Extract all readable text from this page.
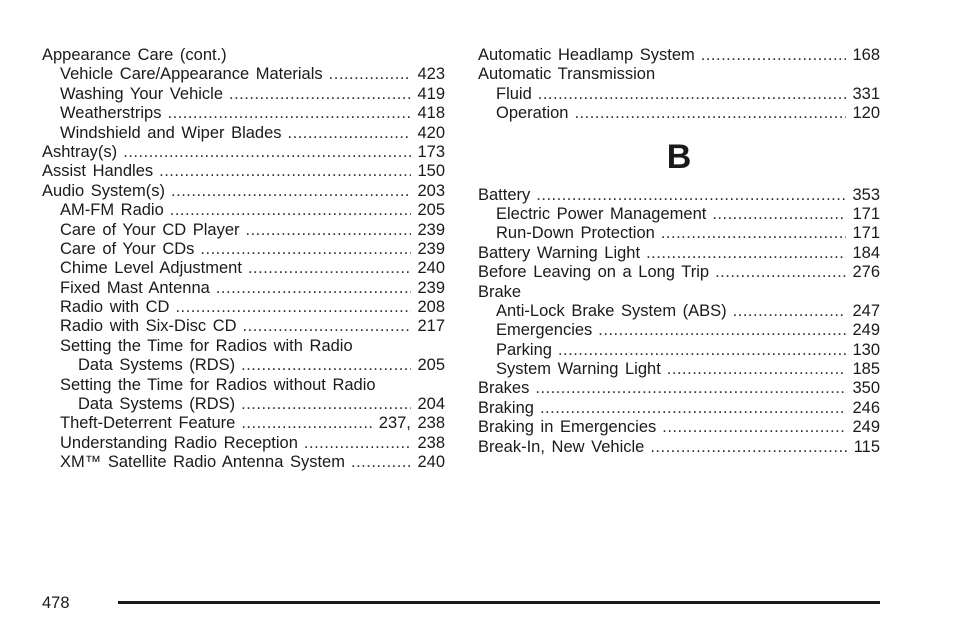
Appearance Care (cont.)
Vehicle Care/Appearance Materials .....	423
Washing Your Vehicle .....	419
Weatherstrips .....	418
Windshield and Wiper Blades .....	420
Ashtray(s) .....	173
Assist Handles .....	150
Audio System(s) .....	203
AM-FM Radio .....	205
Care of Your CD Player .....	239
Care of Your CDs .....	239
Chime Level Adjustment .....	240
Fixed Mast Antenna .....	239
Radio with CD .....	208
Radio with Six-Disc CD .....	217
Setting the Time for Radios with Radio
Data Systems (RDS) .....	205
Setting the Time for Radios without Radio
Data Systems (RDS) .....	204
Theft-Deterrent Feature .....	237, 238
Understanding Radio Reception .....	238
XM™ Satellite Radio Antenna System .....	240
Automatic Headlamp System .....	168
Automatic Transmission
Fluid .....	331
Operation .....	120
B
Battery .....	353
Electric Power Management .....	171
Run-Down Protection .....	171
Battery Warning Light .....	184
Before Leaving on a Long Trip .....	276
Brake
Anti-Lock Brake System (ABS) .....	247
Emergencies .....	249
Parking .....	130
System Warning Light .....	185
Brakes .....	350
Braking .....	246
Braking in Emergencies .....	249
Break-In, New Vehicle .....	115
478
